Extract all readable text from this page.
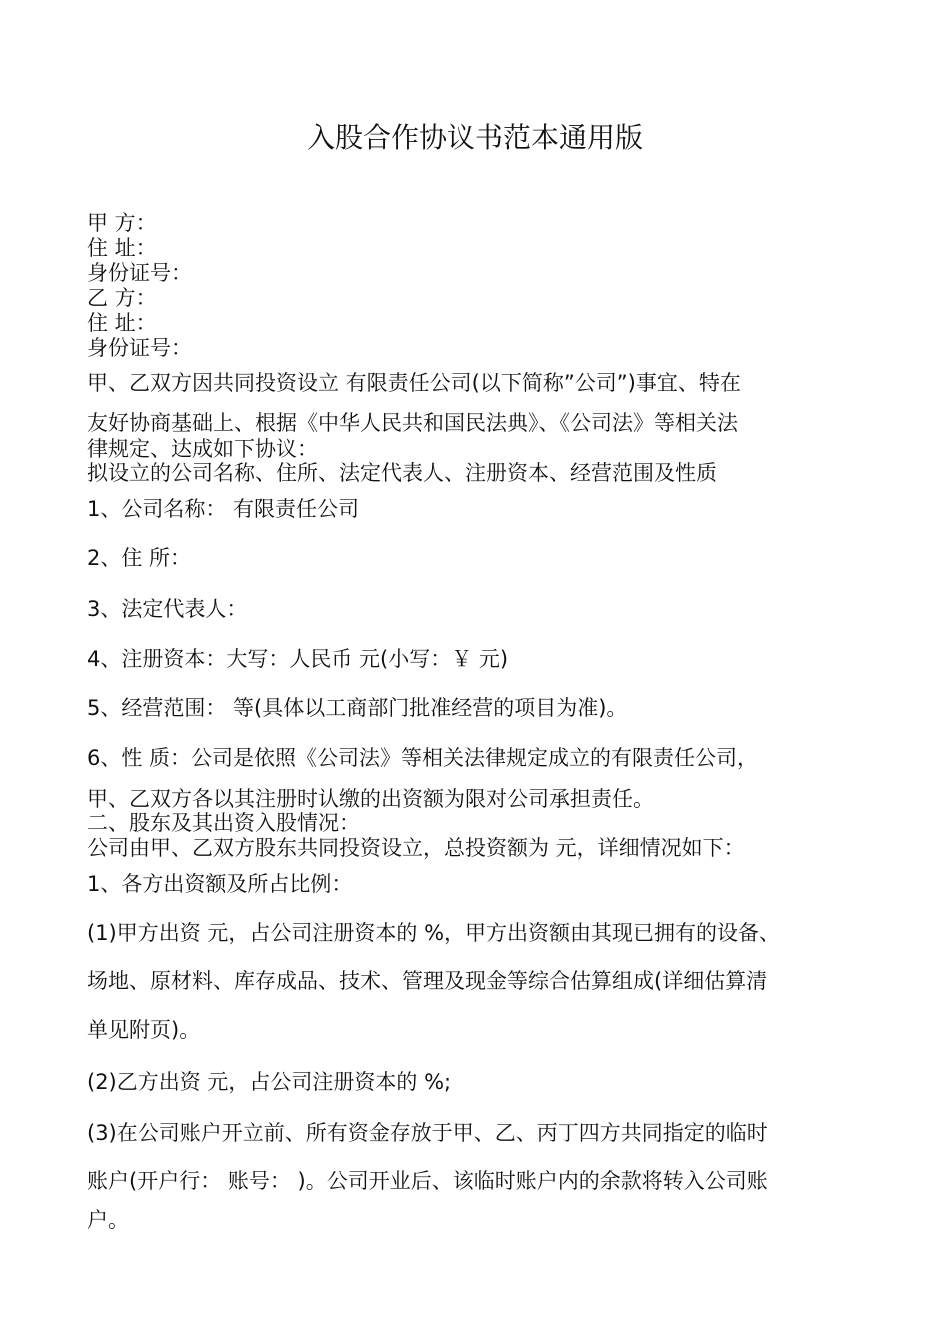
入股合作协议书范本通用版
甲 方：
住 址：
身份证号：
乙 方：
住 址：
身份证号：
甲、乙双方因共同投资设立 有限责任公司(以下简称”公司”)事宜、特在
友好协商基础上、根据《中华人民共和国民法典》、《公司法》等相关法
律规定、达成如下协议：
拟设立的公司名称、住所、法定代表人、注册资本、经营范围及性质
1、公司名称： 有限责任公司
2、住 所：
3、法定代表人：
4、注册资本：大写：人民币 元(小写：￥ 元)
5、经营范围： 等(具体以工商部门批准经营的项目为准)。
6、性 质：公司是依照《公司法》等相关法律规定成立的有限责任公司，
甲、乙双方各以其注册时认缴的出资额为限对公司承担责任。
二、股东及其出资入股情况：
公司由甲、乙双方股东共同投资设立，总投资额为 元，详细情况如下：
1、各方出资额及所占比例：
(1)甲方出资 元，占公司注册资本的 %，甲方出资额由其现已拥有的设备、
场地、原材料、库存成品、技术、管理及现金等综合估算组成(详细估算清
单见附页)。
(2)乙方出资 元，占公司注册资本的 %;
(3)在公司账户开立前、所有资金存放于甲、乙、丙丁四方共同指定的临时
账户(开户行： 账号： )。公司开业后、该临时账户内的余款将转入公司账
户。
